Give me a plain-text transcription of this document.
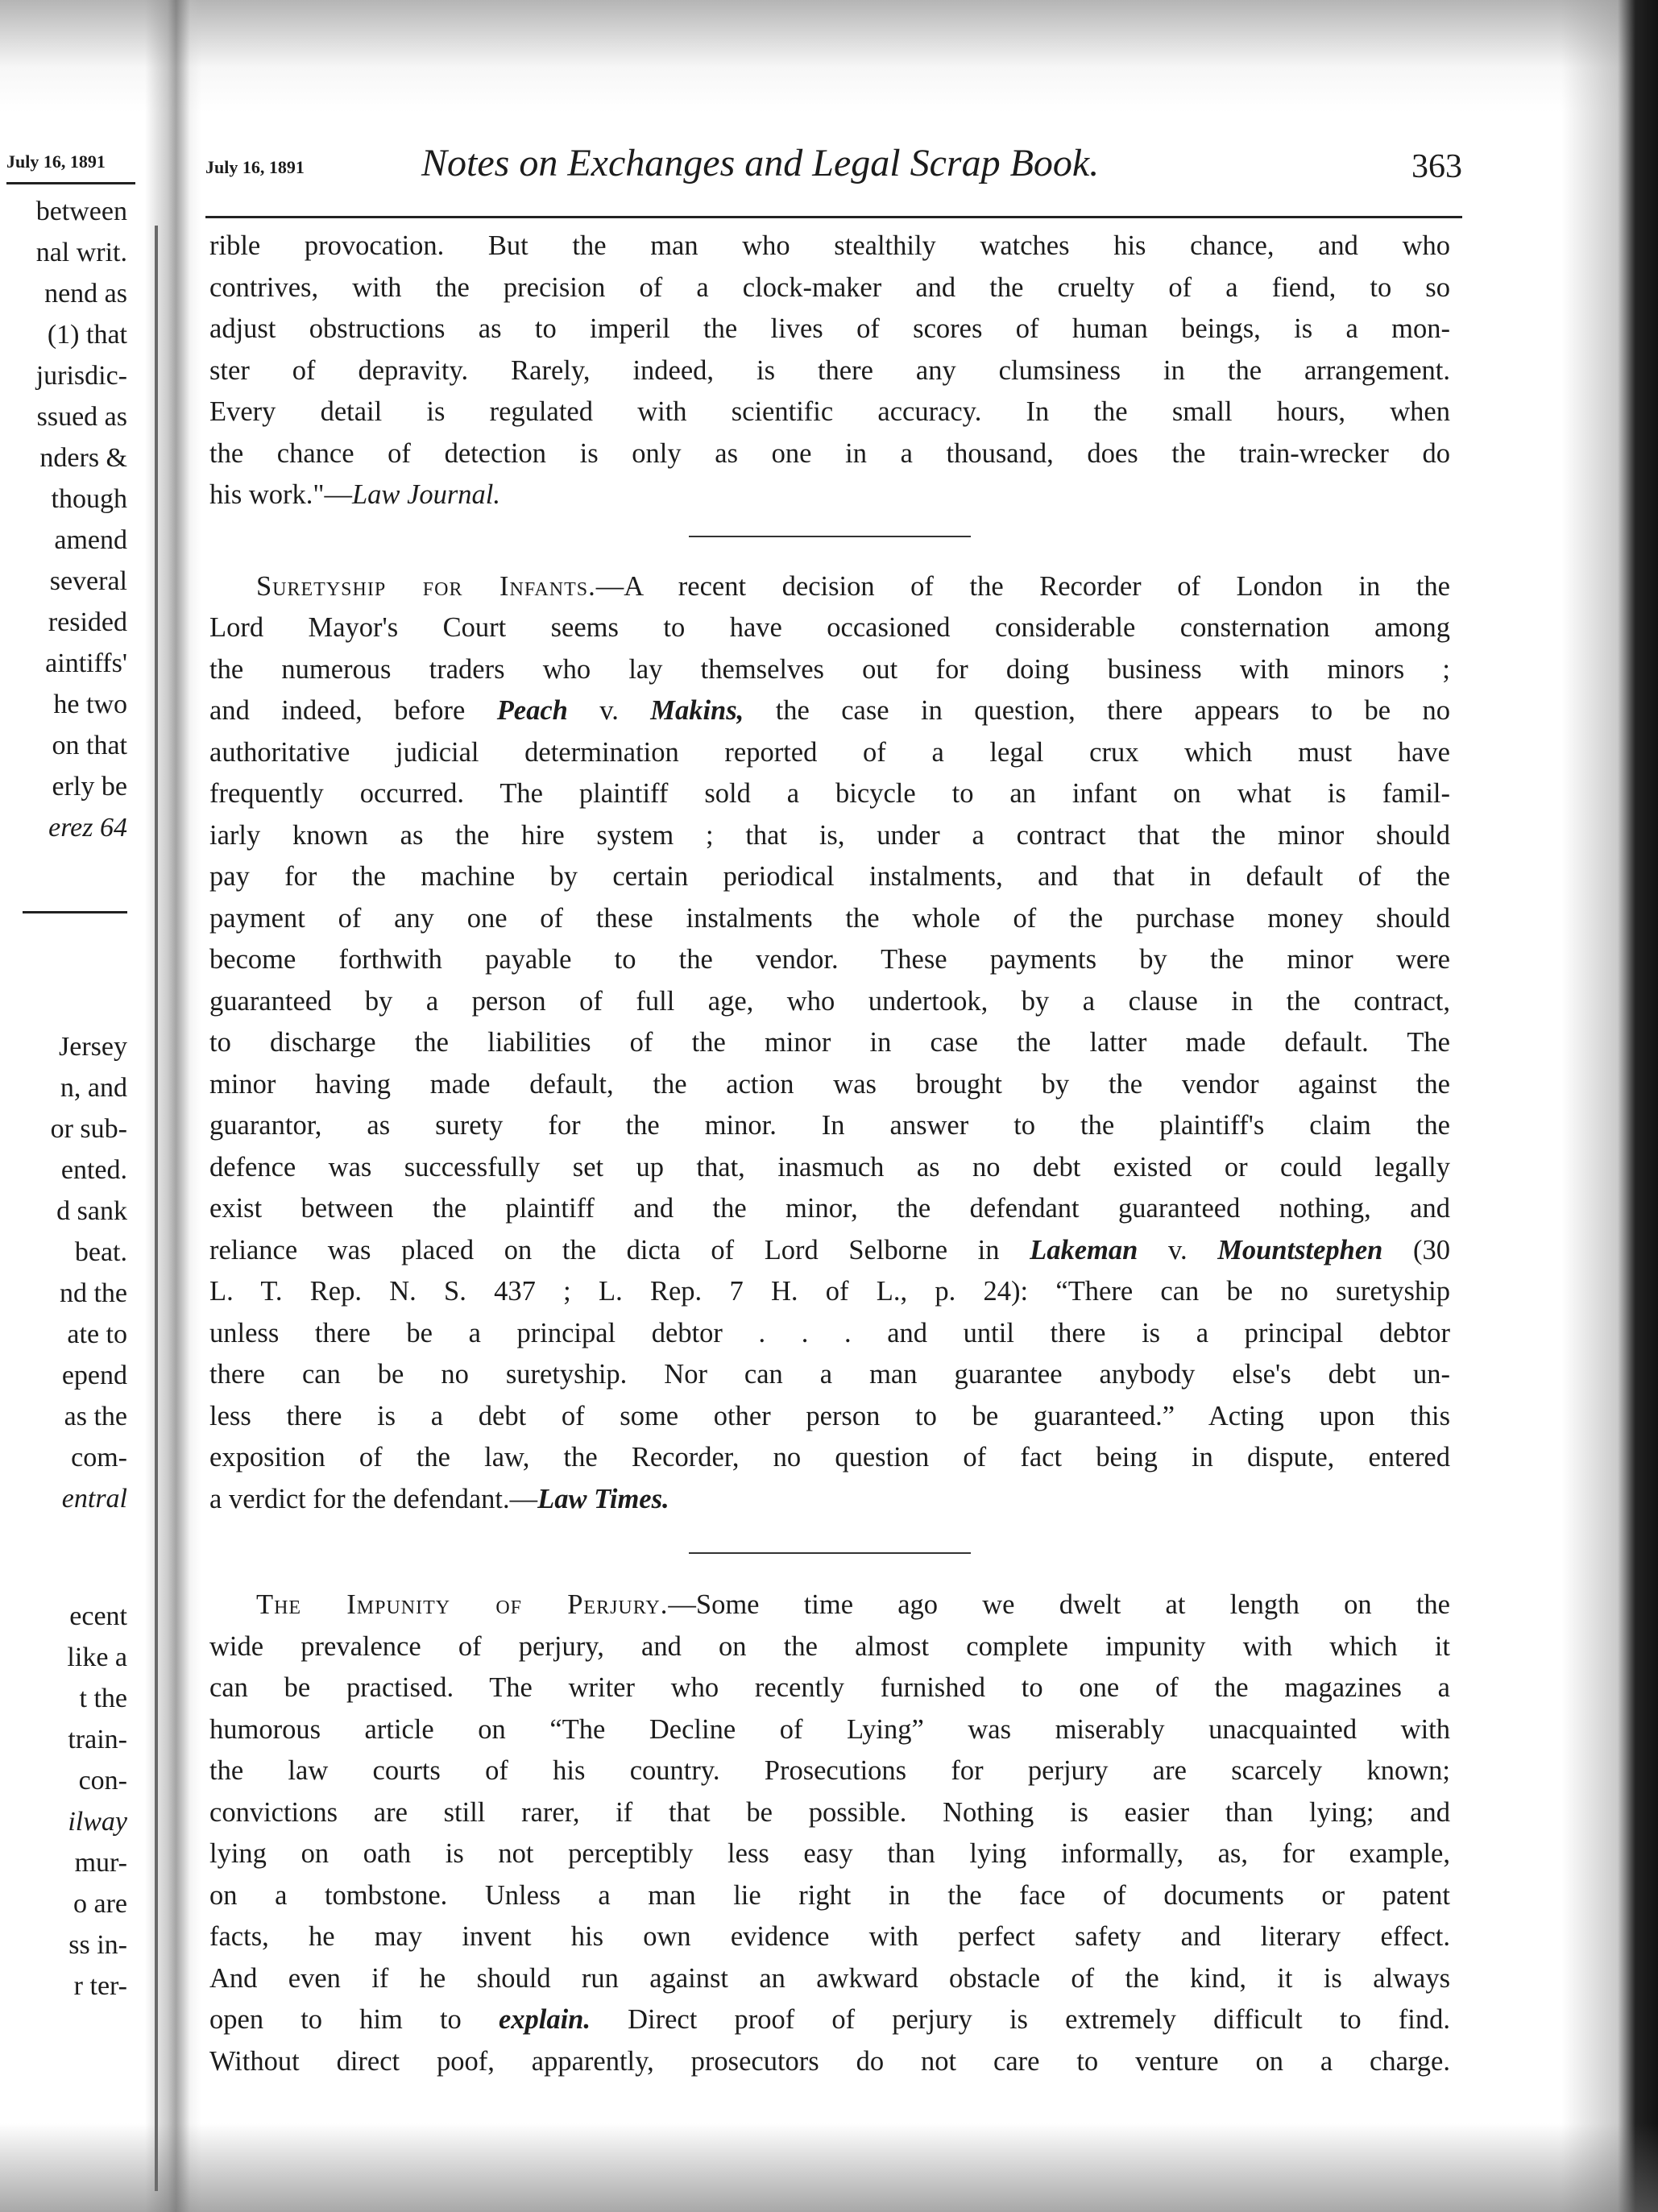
July 16, 1891
between
nal writ.
nend as
(1) that
jurisdic-
ssued as
nders &
though
amend
several
resided
aintiffs'
he two
on that
erly be
erez 64
Jersey
n, and
or sub-
ented.
d sank
beat.
nd the
ate to
epend
as the
com-
entral
ecent
like a
t the
train-
con-
ilway
mur-
o are
ss in-
r ter-
July 16, 1891	Notes on Exchanges and Legal Scrap Book.	363
rible provocation. But the man who stealthily watches his chance, and who
contrives, with the precision of a clock-maker and the cruelty of a fiend, to so
adjust obstructions as to imperil the lives of scores of human beings, is a mon-
ster of depravity. Rarely, indeed, is there any clumsiness in the arrangement.
Every detail is regulated with scientific accuracy. In the small hours, when
the chance of detection is only as one in a thousand, does the train-wrecker do
his work."—Law Journal.
Suretyship for Infants.—A recent decision of the Recorder of London in the
Lord Mayor's Court seems to have occasioned considerable consternation among
the numerous traders who lay themselves out for doing business with minors ;
and indeed, before Peach v. Makins, the case in question, there appears to be no
authoritative judicial determination reported of a legal crux which must have
frequently occurred. The plaintiff sold a bicycle to an infant on what is famil-
iarly known as the hire system ; that is, under a contract that the minor should
pay for the machine by certain periodical instalments, and that in default of the
payment of any one of these instalments the whole of the purchase money should
become forthwith payable to the vendor. These payments by the minor were
guaranteed by a person of full age, who undertook, by a clause in the contract,
to discharge the liabilities of the minor in case the latter made default. The
minor having made default, the action was brought by the vendor against the
guarantor, as surety for the minor. In answer to the plaintiff's claim the
defence was successfully set up that, inasmuch as no debt existed or could legally
exist between the plaintiff and the minor, the defendant guaranteed nothing, and
reliance was placed on the dicta of Lord Selborne in Lakeman v. Mountstephen (30
L. T. Rep. N. S. 437 ; L. Rep. 7 H. of L., p. 24): “There can be no suretyship
unless there be a principal debtor . . . and until there is a principal debtor
there can be no suretyship. Nor can a man guarantee anybody else's debt un-
less there is a debt of some other person to be guaranteed.” Acting upon this
exposition of the law, the Recorder, no question of fact being in dispute, entered
a verdict for the defendant.—Law Times.
The Impunity of Perjury.—Some time ago we dwelt at length on the
wide prevalence of perjury, and on the almost complete impunity with which it
can be practised. The writer who recently furnished to one of the magazines a
humorous article on “The Decline of Lying” was miserably unacquainted with
the law courts of his country. Prosecutions for perjury are scarcely known;
convictions are still rarer, if that be possible. Nothing is easier than lying; and
lying on oath is not perceptibly less easy than lying informally, as, for example,
on a tombstone. Unless a man lie right in the face of documents or patent
facts, he may invent his own evidence with perfect safety and literary effect.
And even if he should run against an awkward obstacle of the kind, it is always
open to him to explain. Direct proof of perjury is extremely difficult to find.
Without direct poof, apparently, prosecutors do not care to venture on a charge.
